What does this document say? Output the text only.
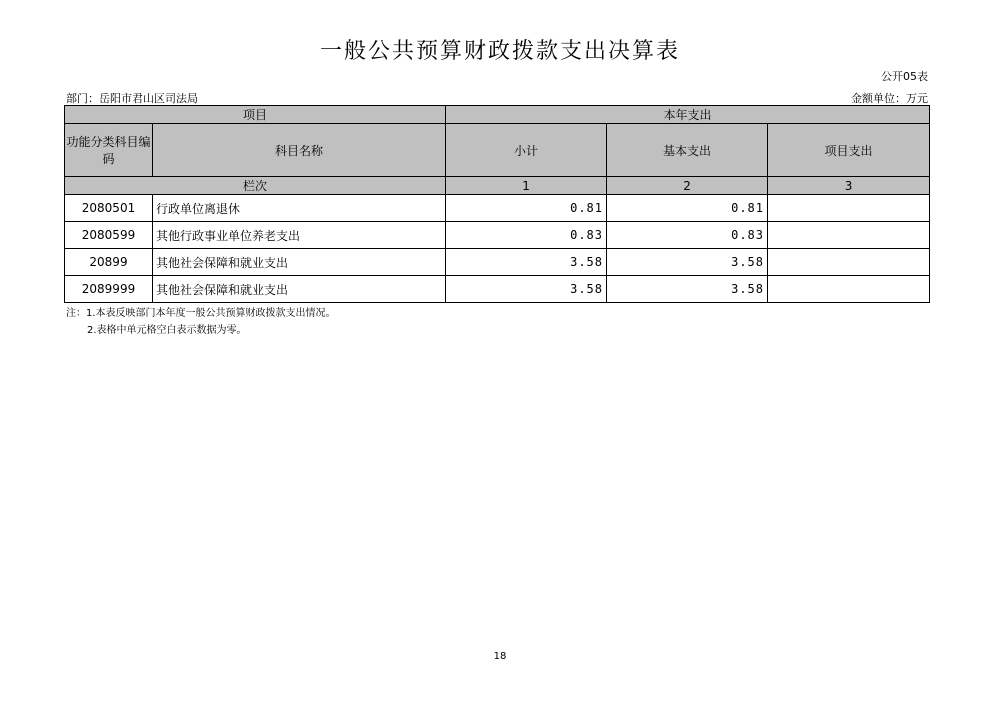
一般公共预算财政拨款支出决算表
公开05表
部门：岳阳市君山区司法局	金额单位：万元
项目		本年支出		
功能分类科目编码	科目名称	小计	基本支出	项目支出
栏次		1	2	3
2080501	行政单位离退休	0.81	0.81	
2080599	其他行政事业单位养老支出	0.83	0.83	
20899	其他社会保障和就业支出	3.58	3.58	
2089999	其他社会保障和就业支出	3.58	3.58	
注：1.本表反映部门本年度一般公共预算财政拨款支出情况。
2.表格中单元格空白表示数据为零。
18
